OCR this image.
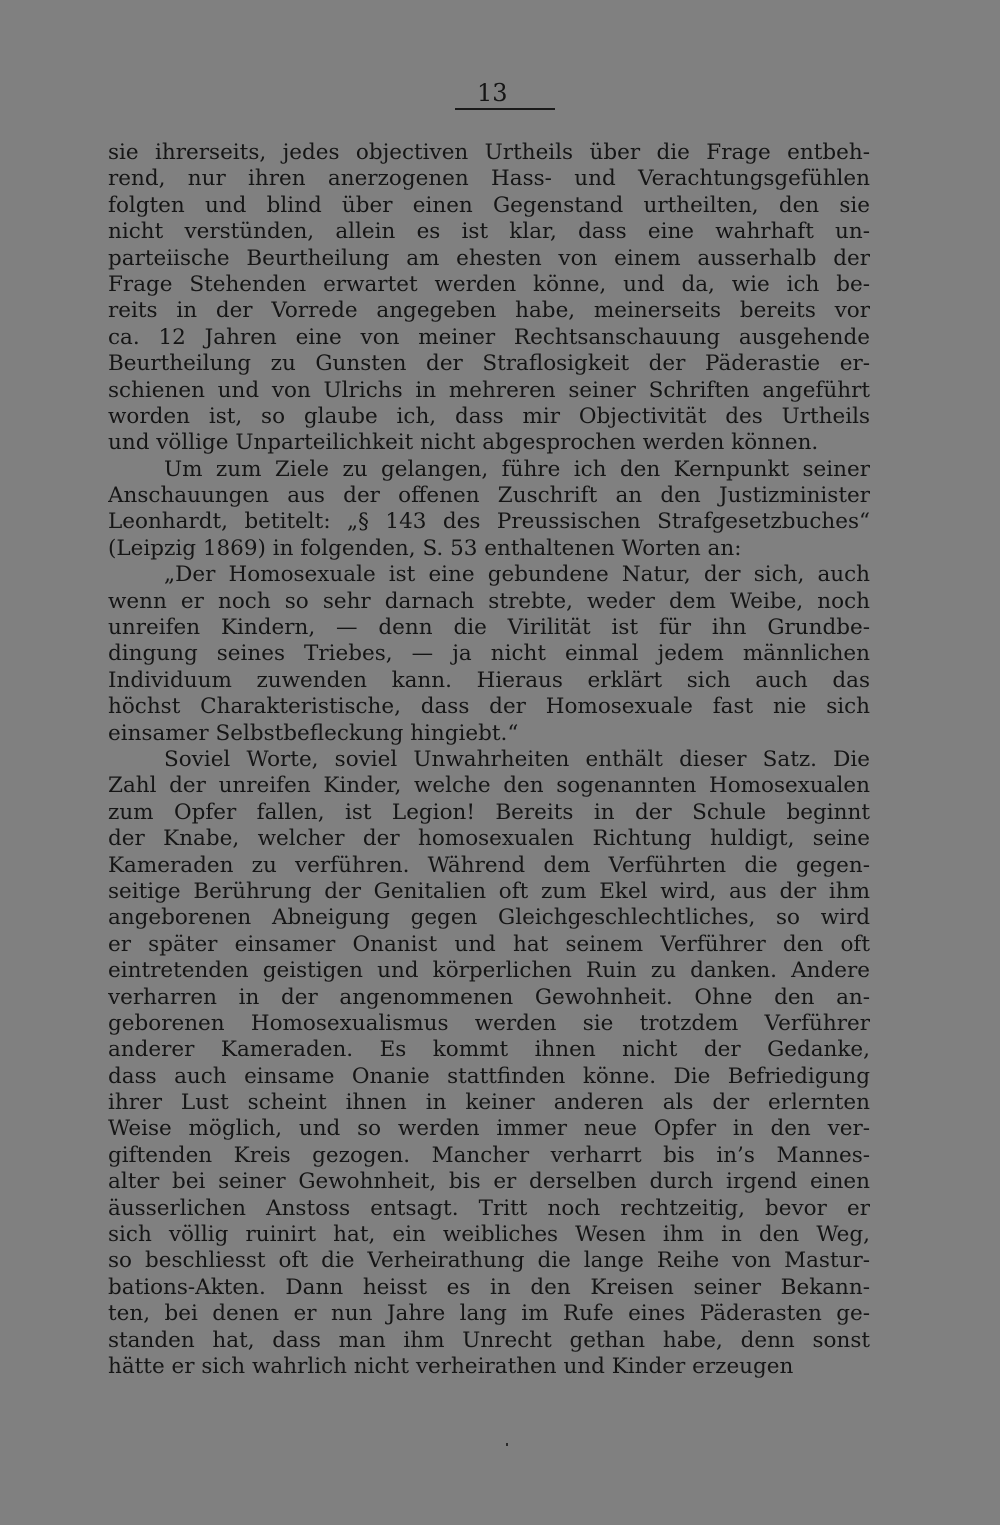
13
sie ihrerseits, jedes objectiven Urtheils über die Frage entbeh-
rend, nur ihren anerzogenen Hass- und Verachtungsgefühlen
folgten und blind über einen Gegenstand urtheilten, den sie
nicht verstünden, allein es ist klar, dass eine wahrhaft un-
parteiische Beurtheilung am ehesten von einem ausserhalb der
Frage Stehenden erwartet werden könne, und da, wie ich be-
reits in der Vorrede angegeben habe, meinerseits bereits vor
ca. 12 Jahren eine von meiner Rechtsanschauung ausgehende
Beurtheilung zu Gunsten der Straflosigkeit der Päderastie er-
schienen und von Ulrichs in mehreren seiner Schriften angeführt
worden ist, so glaube ich, dass mir Objectivität des Urtheils
und völlige Unparteilichkeit nicht abgesprochen werden können.
Um zum Ziele zu gelangen, führe ich den Kernpunkt seiner
Anschauungen aus der offenen Zuschrift an den Justizminister
Leonhardt, betitelt: „§ 143 des Preussischen Strafgesetzbuches“
(Leipzig 1869) in folgenden, S. 53 enthaltenen Worten an:
„Der Homosexuale ist eine gebundene Natur, der sich, auch
wenn er noch so sehr darnach strebte, weder dem Weibe, noch
unreifen Kindern, — denn die Virilität ist für ihn Grundbe-
dingung seines Triebes, — ja nicht einmal jedem männlichen
Individuum zuwenden kann. Hieraus erklärt sich auch das
höchst Charakteristische, dass der Homosexuale fast nie sich
einsamer Selbstbefleckung hingiebt.“
Soviel Worte, soviel Unwahrheiten enthält dieser Satz. Die
Zahl der unreifen Kinder, welche den sogenannten Homosexualen
zum Opfer fallen, ist Legion! Bereits in der Schule beginnt
der Knabe, welcher der homosexualen Richtung huldigt, seine
Kameraden zu verführen. Während dem Verführten die gegen-
seitige Berührung der Genitalien oft zum Ekel wird, aus der ihm
angeborenen Abneigung gegen Gleichgeschlechtliches, so wird
er später einsamer Onanist und hat seinem Verführer den oft
eintretenden geistigen und körperlichen Ruin zu danken. Andere
verharren in der angenommenen Gewohnheit. Ohne den an-
geborenen Homosexualismus werden sie trotzdem Verführer
anderer Kameraden. Es kommt ihnen nicht der Gedanke,
dass auch einsame Onanie stattfinden könne. Die Befriedigung
ihrer Lust scheint ihnen in keiner anderen als der erlernten
Weise möglich, und so werden immer neue Opfer in den ver-
giftenden Kreis gezogen. Mancher verharrt bis in’s Mannes-
alter bei seiner Gewohnheit, bis er derselben durch irgend einen
äusserlichen Anstoss entsagt. Tritt noch rechtzeitig, bevor er
sich völlig ruinirt hat, ein weibliches Wesen ihm in den Weg,
so beschliesst oft die Verheirathung die lange Reihe von Mastur-
bations-Akten. Dann heisst es in den Kreisen seiner Bekann-
ten, bei denen er nun Jahre lang im Rufe eines Päderasten ge-
standen hat, dass man ihm Unrecht gethan habe, denn sonst
hätte er sich wahrlich nicht verheirathen und Kinder erzeugen
